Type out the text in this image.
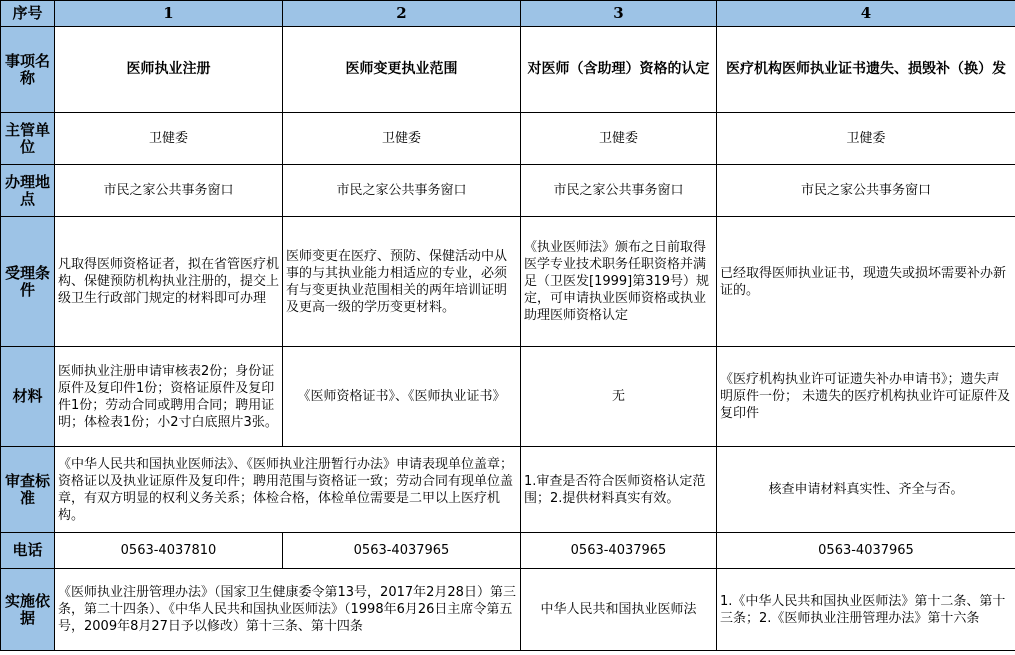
序号	1	2	3	4
事项名称	医师执业注册	医师变更执业范围	对医师（含助理）资格的认定	医疗机构医师执业证书遗失、损毁补（换）发
主管单位	卫健委	卫健委	卫健委	卫健委
办理地点	市民之家公共事务窗口	市民之家公共事务窗口	市民之家公共事务窗口	市民之家公共事务窗口
受理条件	凡取得医师资格证者，拟在省管医疗机构、保健预防机构执业注册的，提交上级卫生行政部门规定的材料即可办理	医师变更在医疗、预防、保健活动中从事的与其执业能力相适应的专业，必须有与变更执业范围相关的两年培训证明及更高一级的学历变更材料。	《执业医师法》颁布之日前取得医学专业技术职务任职资格并满足（卫医发[1999]第319号）规定，可申请执业医师资格或执业助理医师资格认定	已经取得医师执业证书，现遗失或损坏需要补办新证的。
材料	医师执业注册申请审核表2份；身份证原件及复印件1份；资格证原件及复印件1份；劳动合同或聘用合同；聘用证明；体检表1份；小2寸白底照片3张。	《医师资格证书》、《医师执业证书》	无	《医疗机构执业许可证遗失补办申请书》；遗失声明原件一份； 未遗失的医疗机构执业许可证原件及复印件
审查标准	《中华人民共和国执业医师法》、《医师执业注册暂行办法》申请表现单位盖章；资格证以及执业证原件及复印件；聘用范围与资格证一致；劳动合同有现单位盖章，有双方明显的权利义务关系；体检合格，体检单位需要是二甲以上医疗机构。		1.审查是否符合医师资格认定范围；2.提供材料真实有效。	核查申请材料真实性、齐全与否。
电话	0563-4037810	0563-4037965	0563-4037965	0563-4037965
实施依据	《医师执业注册管理办法》（国家卫生健康委令第13号，2017年2月28日）第三条，第二十四条）、《中华人民共和国执业医师法》（1998年6月26日主席令第五号，2009年8月27日予以修改）第十三条、第十四条		中华人民共和国执业医师法	1.《中华人民共和国执业医师法》第十二条、第十三条；2.《医师执业注册管理办法》第十六条
